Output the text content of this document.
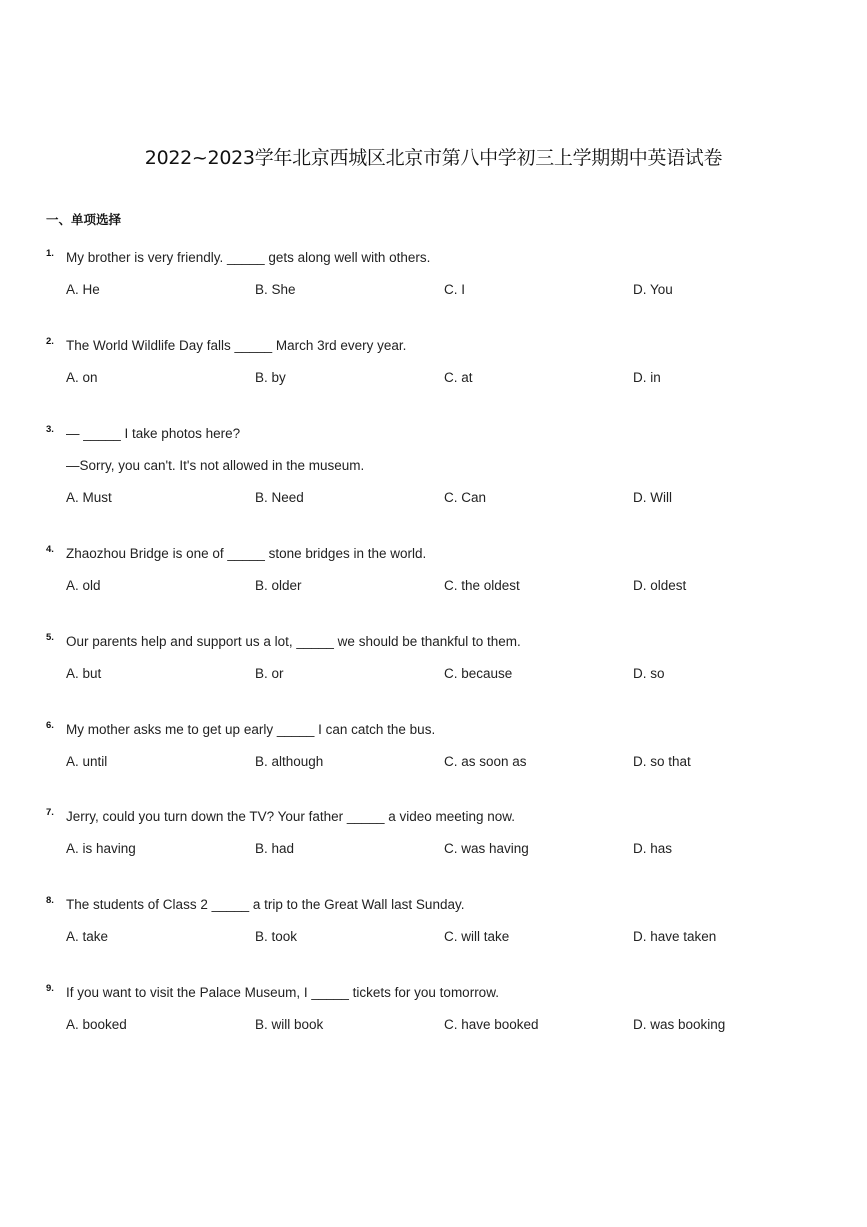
2022~2023学年北京西城区北京市第八中学初三上学期期中英语试卷
一、单项选择
1. My brother is very friendly. _____ gets along well with others.
A. He	B. She	C. I	D. You
2. The World Wildlife Day falls _____ March 3rd every year.
A. on	B. by	C. at	D. in
3. — _____ I take photos here?
—Sorry, you can't. It's not allowed in the museum.
A. Must	B. Need	C. Can	D. Will
4. Zhaozhou Bridge is one of _____ stone bridges in the world.
A. old	B. older	C. the oldest	D. oldest
5. Our parents help and support us a lot, _____ we should be thankful to them.
A. but	B. or	C. because	D. so
6. My mother asks me to get up early _____ I can catch the bus.
A. until	B. although	C. as soon as	D. so that
7. Jerry, could you turn down the TV? Your father _____ a video meeting now.
A. is having	B. had	C. was having	D. has
8. The students of Class 2 _____ a trip to the Great Wall last Sunday.
A. take	B. took	C. will take	D. have taken
9. If you want to visit the Palace Museum, I _____ tickets for you tomorrow.
A. booked	B. will book	C. have booked	D. was booking
